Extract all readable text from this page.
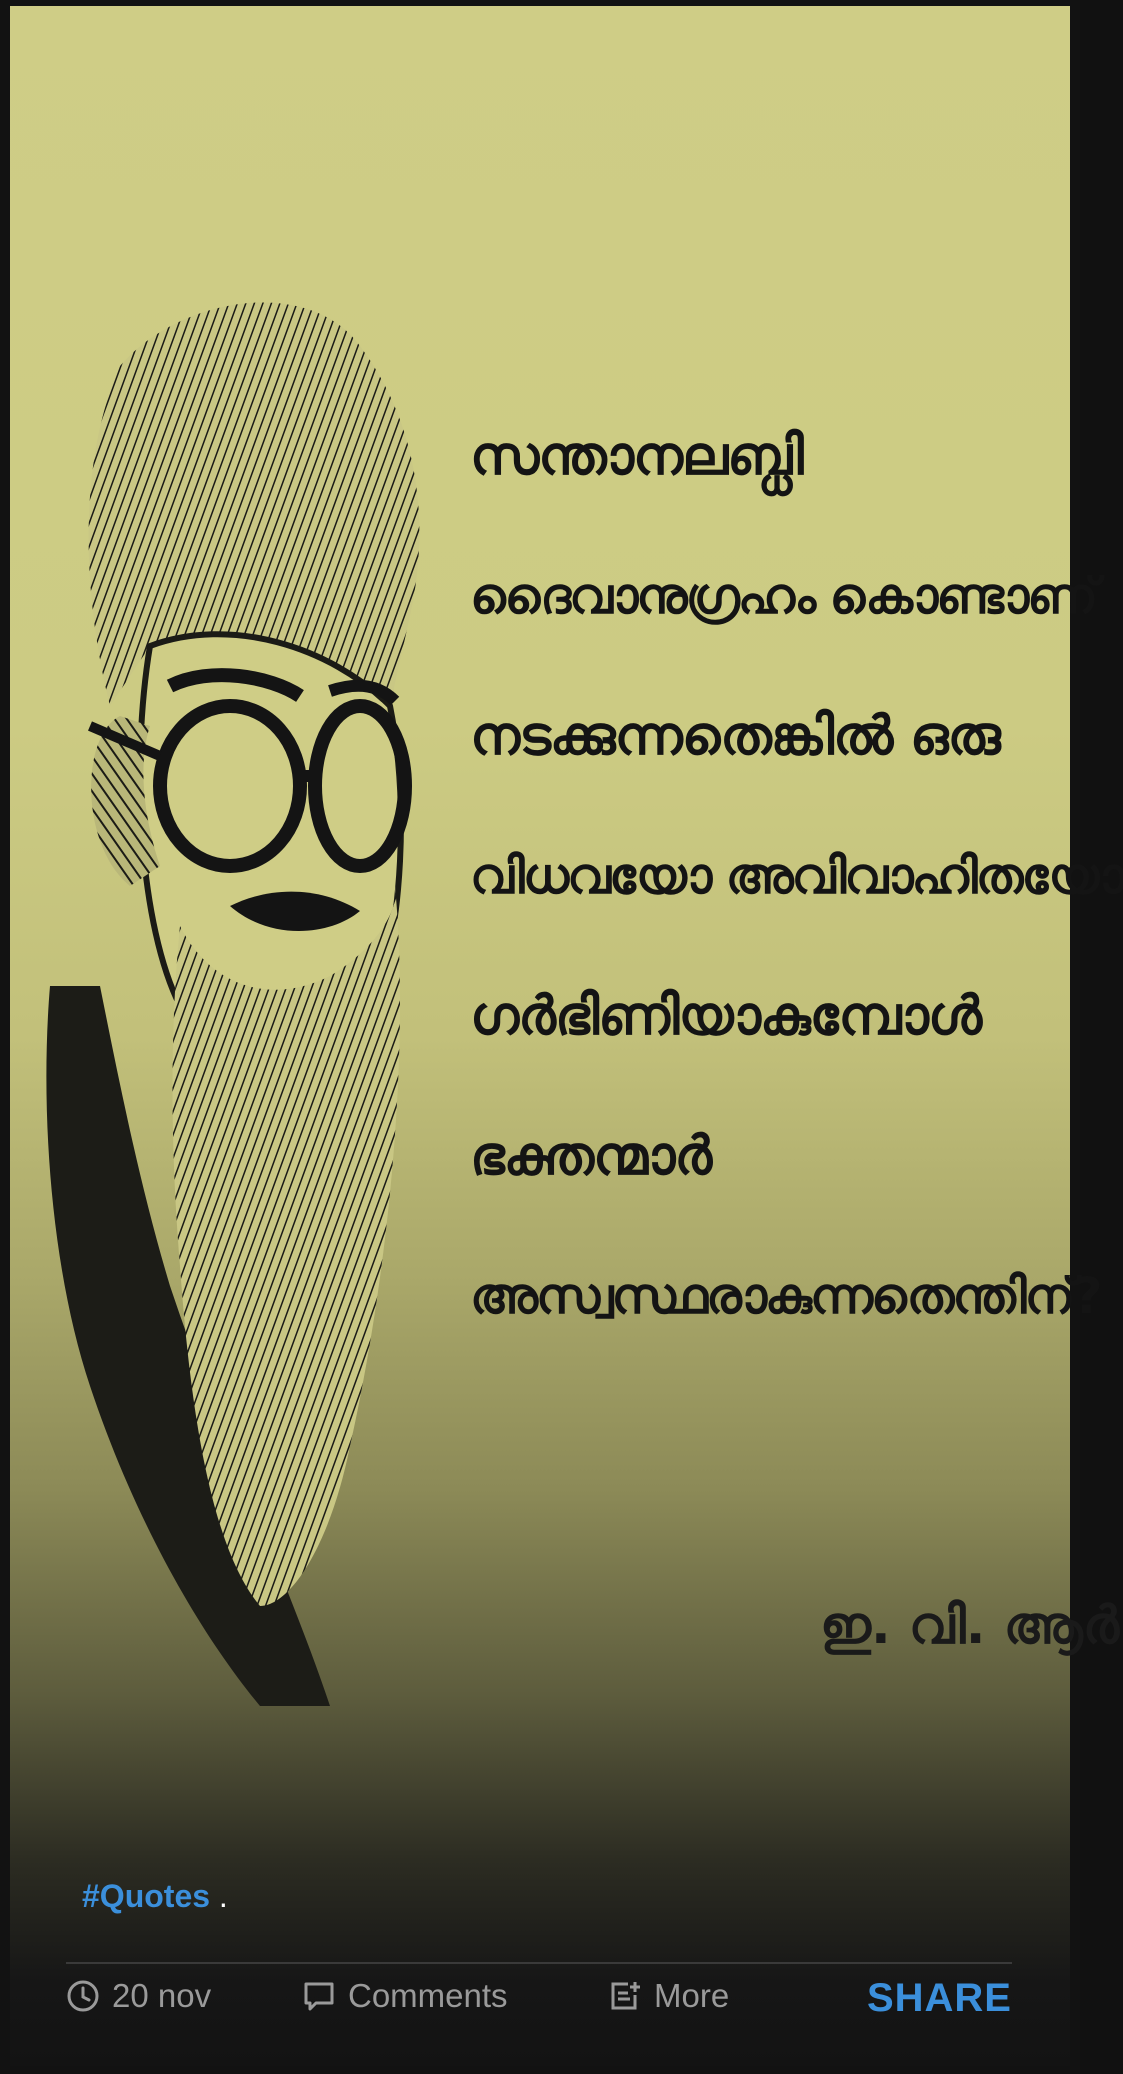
സന്താനലബ്ധി
ദൈവാനുഗ്രഹം കൊണ്ടാണ്
നടക്കുന്നതെങ്കിൽ ഒരു
വിധവയോ അവിവാഹിതയോ
ഗർഭിണിയാകുമ്പോൾ
ഭക്തന്മാർ
അസ്വസ്ഥരാകുന്നതെന്തിന്?
ഇ. വി. ആർ
#Quotes .
20 nov	Comments	More	SHARE
